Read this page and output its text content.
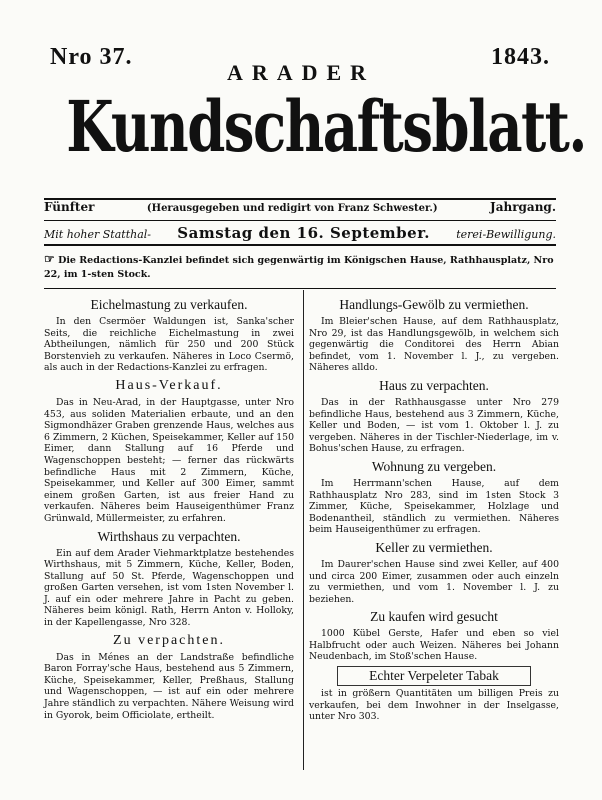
Nro 37.	1843.
ARADER
Kundschaftsblatt.
Fünfter	(Herausgegeben und redigirt von Franz Schwester.)	Jahrgang.
Mit hoher Statthal- Samstag den 16. September. terei-Bewilligung.
☞ Die Redactions-Kanzlei befindet sich gegenwärtig im Königschen Hause, Rathhausplatz, Nro 22, im 1-sten Stock.
Eichelmastung zu verkaufen.
In den Csermöer Waldungen ist, Sanka'scher Seits, die reichliche Eichelmastung in zwei Abtheilungen, nämlich für 250 und 200 Stück Borstenvieh zu verkaufen. Näheres in Loco Csermö, als auch in der Redactions-Kanzlei zu erfragen.
Haus-Verkauf.
Das in Neu-Arad, in der Hauptgasse, unter Nro 453, aus soliden Materialien erbaute, und an den Sigmondhäzer Graben grenzende Haus, welches aus 6 Zimmern, 2 Küchen, Speisekammer, Keller auf 150 Eimer, dann Stallung auf 16 Pferde und Wagenschoppen besteht; — ferner das rückwärts befindliche Haus mit 2 Zimmern, Küche, Speisekammer, und Keller auf 300 Eimer, sammt einem großen Garten, ist aus freier Hand zu verkaufen. Näheres beim Hauseigenthümer Franz Grünwald, Müllermeister, zu erfahren.
Wirthshaus zu verpachten.
Ein auf dem Arader Viehmarktplatze bestehendes Wirthshaus, mit 5 Zimmern, Küche, Keller, Boden, Stallung auf 50 St. Pferde, Wagenschoppen und großen Garten versehen, ist vom 1sten November l. J. auf ein oder mehrere Jahre in Pacht zu geben. Näheres beim königl. Rath, Herrn Anton v. Holloky, in der Kapellengasse, Nro 328.
Zu verpachten.
Das in Ménes an der Landstraße befindliche Baron Forray'sche Haus, bestehend aus 5 Zimmern, Küche, Speisekammer, Keller, Preßhaus, Stallung und Wagenschoppen, — ist auf ein oder mehrere Jahre ständlich zu verpachten. Nähere Weisung wird in Gyorok, beim Officiolate, ertheilt.
Handlungs-Gewölb zu vermiethen.
Im Bleier'schen Hause, auf dem Rathhausplatz, Nro 29, ist das Handlungsgewölb, in welchem sich gegenwärtig die Conditorei des Herrn Abian befindet, vom 1. November l. J., zu vergeben. Näheres alldo.
Haus zu verpachten.
Das in der Rathhausgasse unter Nro 279 befindliche Haus, bestehend aus 3 Zimmern, Küche, Keller und Boden, — ist vom 1. Oktober l. J. zu vergeben. Näheres in der Tischler-Niederlage, im v. Bohus'schen Hause, zu erfragen.
Wohnung zu vergeben.
Im Herrmann'schen Hause, auf dem Rathhausplatz Nro 283, sind im 1sten Stock 3 Zimmer, Küche, Speisekammer, Holzlage und Bodenantheil, ständlich zu vermiethen. Näheres beim Hauseigenthümer zu erfragen.
Keller zu vermiethen.
Im Daurer'schen Hause sind zwei Keller, auf 400 und circa 200 Eimer, zusammen oder auch einzeln zu vermiethen, und vom 1. November l. J. zu beziehen.
Zu kaufen wird gesucht
1000 Kübel Gerste, Hafer und eben so viel Halbfrucht oder auch Weizen. Näheres bei Johann Neudenbach, im Stoß'schen Hause.
Echter Verpeleter Tabak
ist in größern Quantitäten um billigen Preis zu verkaufen, bei dem Inwohner in der Inselgasse, unter Nro 303.
